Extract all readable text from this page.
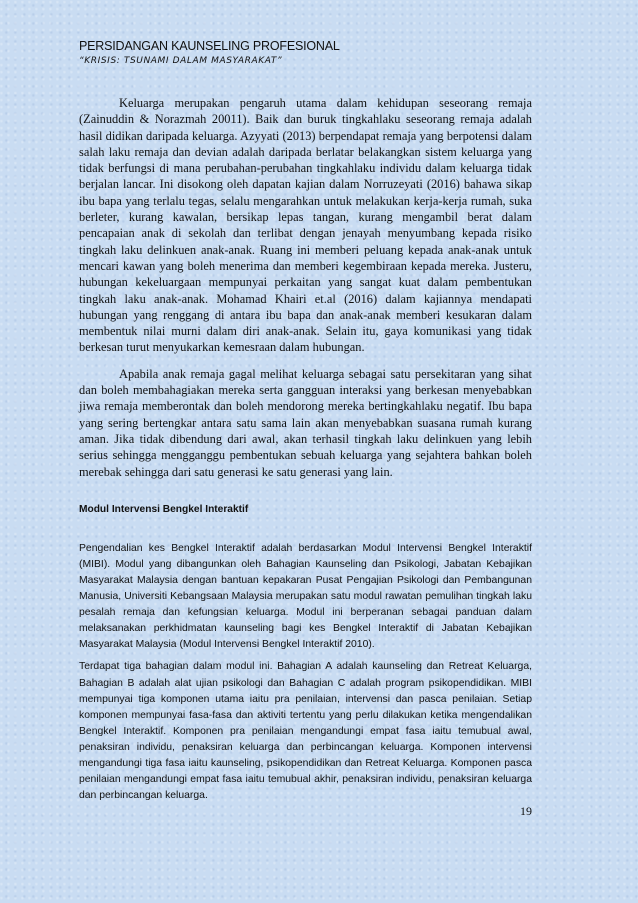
PERSIDANGAN KAUNSELING PROFESIONAL
“KRISIS: TSUNAMI DALAM MASYARAKAT”

Keluarga merupakan pengaruh utama dalam kehidupan seseorang remaja (Zainuddin & Norazmah 20011). Baik dan buruk tingkahlaku seseorang remaja adalah hasil didikan daripada keluarga. Azyyati (2013) berpendapat remaja yang berpotensi dalam salah laku remaja dan devian adalah daripada berlatar belakangkan sistem keluarga yang tidak berfungsi di mana perubahan-perubahan tingkahlaku individu dalam keluarga tidak berjalan lancar. Ini disokong oleh dapatan kajian dalam Norruzeyati (2016) bahawa sikap ibu bapa yang terlalu tegas, selalu mengarahkan untuk melakukan kerja-kerja rumah, suka berleter, kurang kawalan, bersikap lepas tangan, kurang mengambil berat dalam pencapaian anak di sekolah dan terlibat dengan jenayah menyumbang kepada risiko tingkah laku delinkuen anak-anak. Ruang ini memberi peluang kepada anak-anak untuk mencari kawan yang boleh menerima dan memberi kegembiraan kepada mereka. Justeru, hubungan kekeluargaan mempunyai perkaitan yang sangat kuat dalam pembentukan tingkah laku anak-anak. Mohamad Khairi et.al (2016) dalam kajiannya mendapati hubungan yang renggang di antara ibu bapa dan anak-anak memberi kesukaran dalam membentuk nilai murni dalam diri anak-anak. Selain itu, gaya komunikasi yang tidak berkesan turut menyukarkan kemesraan dalam hubungan.

Apabila anak remaja gagal melihat keluarga sebagai satu persekitaran yang sihat dan boleh membahagiakan mereka serta gangguan interaksi yang berkesan menyebabkan jiwa remaja memberontak dan boleh mendorong mereka bertingkahlaku negatif. Ibu bapa yang sering bertengkar antara satu sama lain akan menyebabkan suasana rumah kurang aman. Jika tidak dibendung dari awal, akan terhasil tingkah laku delinkuen yang lebih serius sehingga mengganggu pembentukan sebuah keluarga yang sejahtera bahkan boleh merebak sehingga dari satu generasi ke satu generasi yang lain.

Modul Intervensi Bengkel Interaktif

Pengendalian kes Bengkel Interaktif adalah berdasarkan Modul Intervensi Bengkel Interaktif (MIBI). Modul yang dibangunkan oleh Bahagian Kaunseling dan Psikologi, Jabatan Kebajikan Masyarakat Malaysia dengan bantuan kepakaran Pusat Pengajian Psikologi dan Pembangunan Manusia, Universiti Kebangsaan Malaysia merupakan satu modul rawatan pemulihan tingkah laku pesalah remaja dan kefungsian keluarga. Modul ini berperanan sebagai panduan dalam melaksanakan perkhidmatan kaunseling bagi kes Bengkel Interaktif di Jabatan Kebajikan Masyarakat Malaysia (Modul Intervensi Bengkel Interaktif 2010).

Terdapat tiga bahagian dalam modul ini. Bahagian A adalah kaunseling dan Retreat Keluarga, Bahagian B adalah alat ujian psikologi dan Bahagian C adalah program psikopendidikan. MIBI mempunyai tiga komponen utama iaitu pra penilaian, intervensi dan pasca penilaian. Setiap komponen mempunyai fasa-fasa dan aktiviti tertentu yang perlu dilakukan ketika mengendalikan Bengkel Interaktif. Komponen pra penilaian mengandungi empat fasa iaitu temubual awal, penaksiran individu, penaksiran keluarga dan perbincangan keluarga. Komponen intervensi mengandungi tiga fasa iaitu kaunseling, psikopendidikan dan Retreat Keluarga. Komponen pasca penilaian mengandungi empat fasa iaitu temubual akhir, penaksiran individu, penaksiran keluarga dan perbincangan keluarga.

19
